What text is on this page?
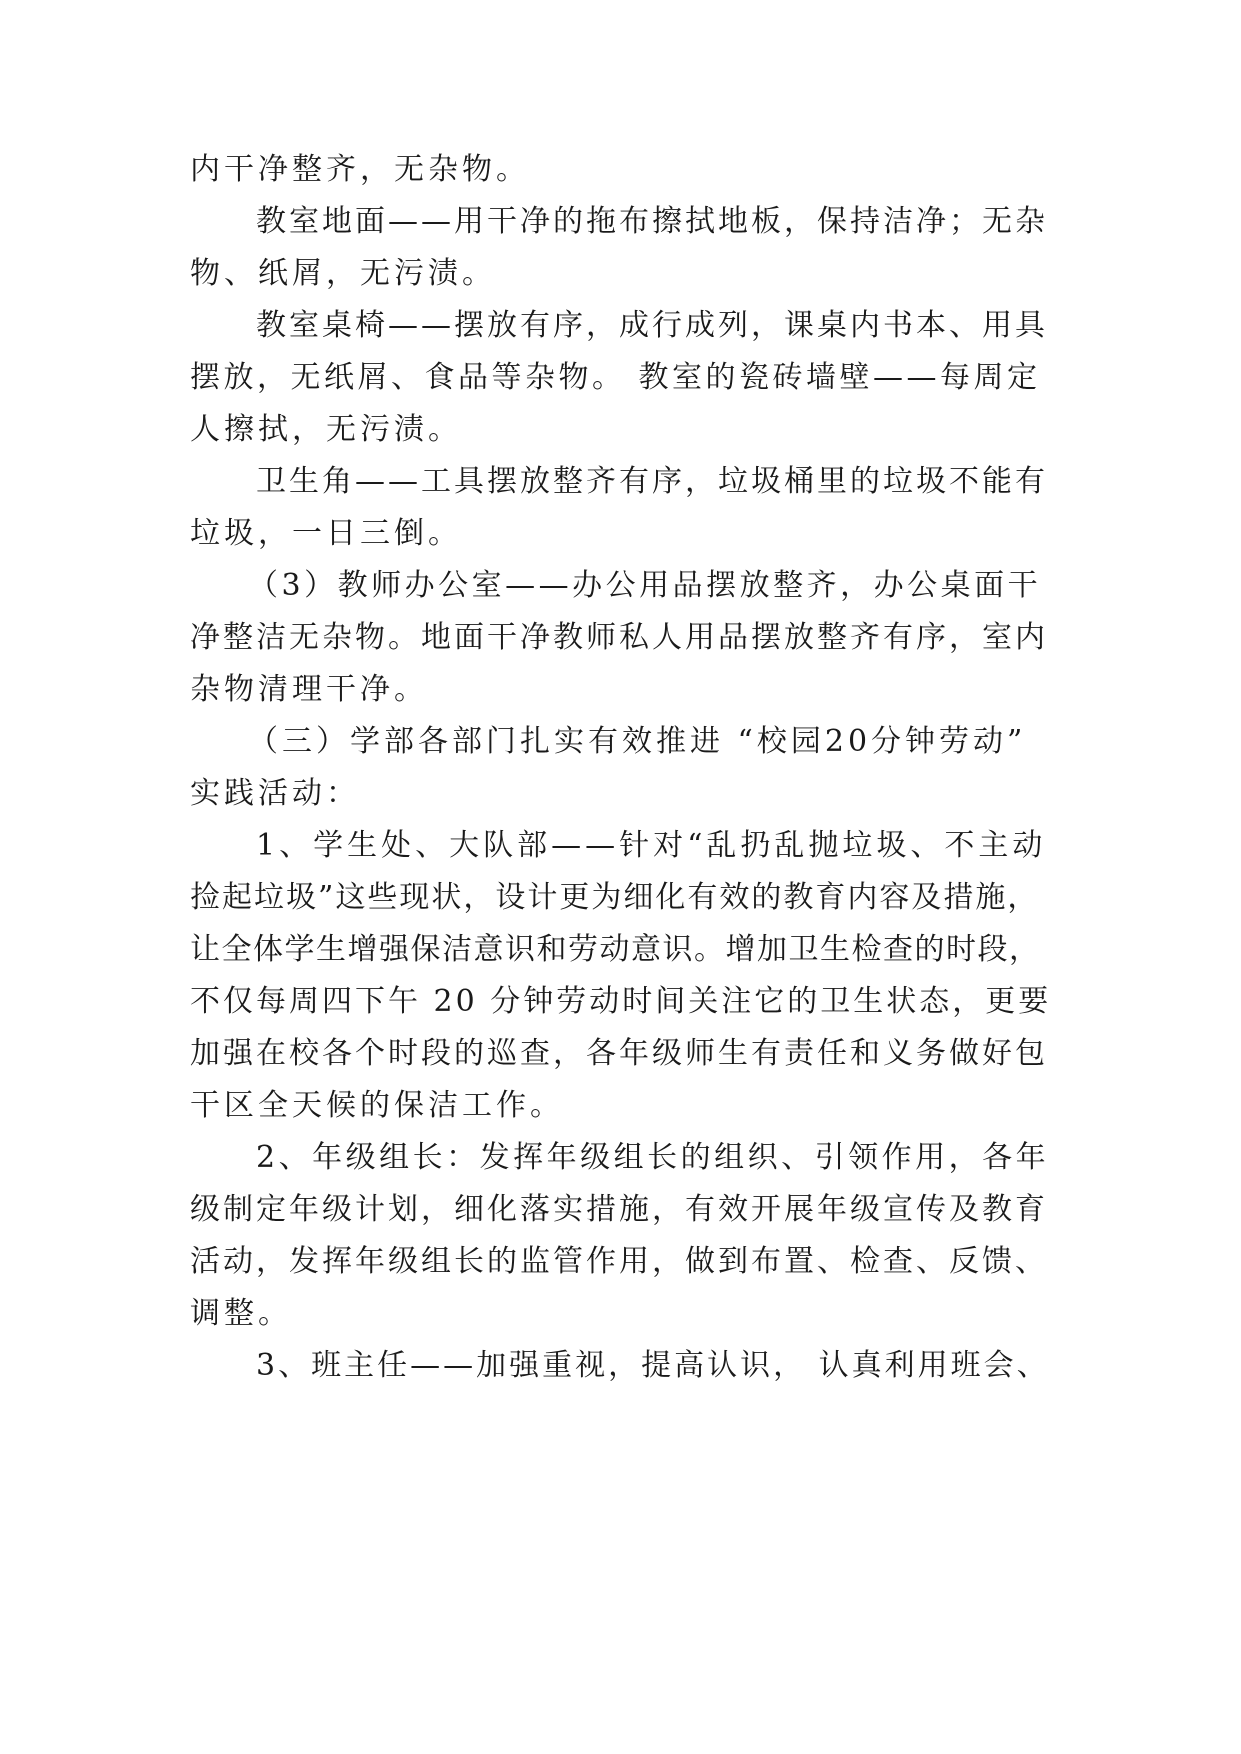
内干净整齐，无杂物。
教室地面——用干净的拖布擦拭地板，保持洁净；无杂
物、纸屑，无污渍。
教室桌椅——摆放有序，成行成列，课桌内书本、用具
摆放，无纸屑、食品等杂物。 教室的瓷砖墙壁——每周定
人擦拭，无污渍。
卫生角——工具摆放整齐有序，垃圾桶里的垃圾不能有
垃圾，一日三倒。
（3）教师办公室——办公用品摆放整齐，办公桌面干
净整洁无杂物。地面干净教师私人用品摆放整齐有序，室内
杂物清理干净。
（三）学部各部门扎实有效推进 “校园20分钟劳动”
实践活动：
1、学生处、大队部——针对“乱扔乱抛垃圾、不主动
捡起垃圾”这些现状，设计更为细化有效的教育内容及措施，
让全体学生增强保洁意识和劳动意识。增加卫生检查的时段，
不仅每周四下午 20 分钟劳动时间关注它的卫生状态，更要
加强在校各个时段的巡查，各年级师生有责任和义务做好包
干区全天候的保洁工作。
2、年级组长：发挥年级组长的组织、引领作用，各年
级制定年级计划，细化落实措施，有效开展年级宣传及教育
活动，发挥年级组长的监管作用，做到布置、检查、反馈、
调整。
3、班主任——加强重视，提高认识， 认真利用班会、
